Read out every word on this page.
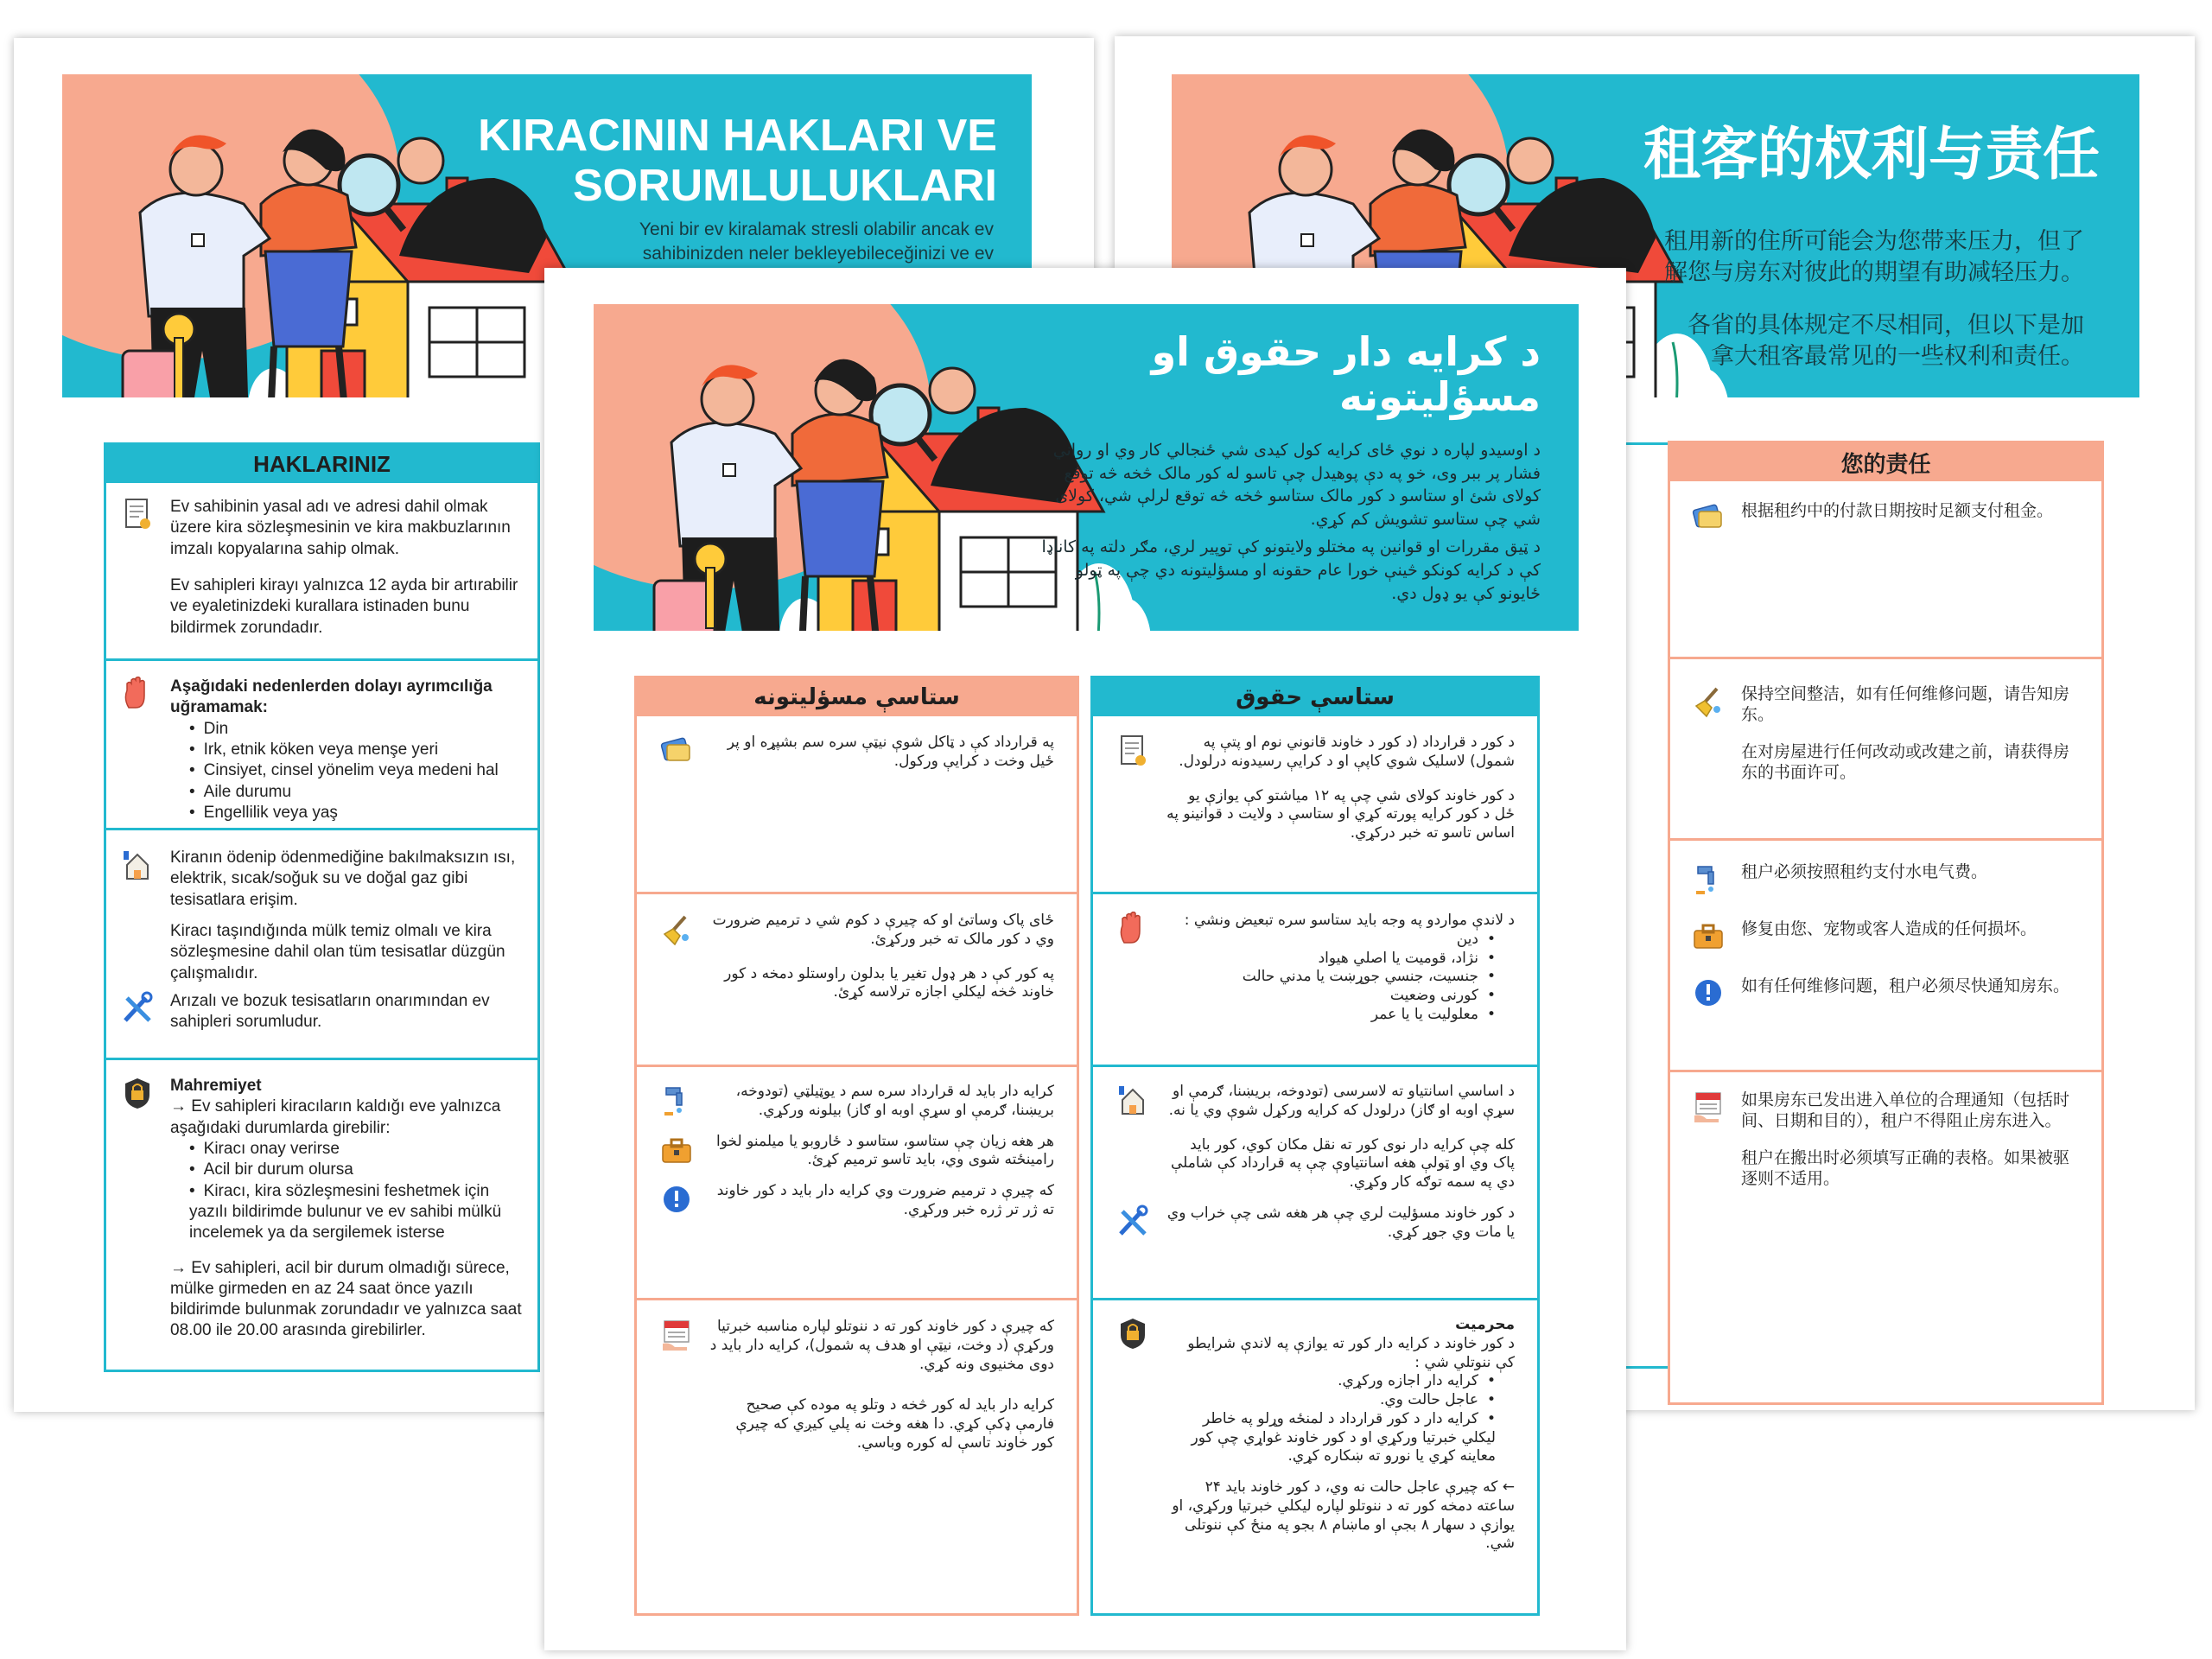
租客的权利与责任
租用新的住所可能会为您带来压力，但了
解您与房东对彼此的期望有助减轻压力。
各省的具体规定不尽相同，但以下是加
拿大租客最常见的一些权利和责任。
您的责任

根据租约中的付款日期按时足额支付租金。

保持空间整洁，如有任何维修问题，请告知房东。

在对房屋进行任何改动或改建之前，请获得房东的书面许可。

租户必须按照租约支付水电气费。

修复由您、宠物或客人造成的任何损坏。

如有任何维修问题，租户必须尽快通知房东。

如果房东已发出进入单位的合理通知（包括时间、日期和目的），租户不得阻止房东进入。

租户在搬出时必须填写正确的表格。如果被驱逐则不适用。

KIRACININ HAKLARI VE
SORUMLULUKLARI
Yeni bir ev kiralamak stresli olabilir ancak ev
sahibinizden neler bekleyebileceğinizi ve ev
HAKLARINIZ

Ev sahibinin yasal adı ve adresi dahil olmak üzere kira sözleşmesinin ve kira makbuzlarının imzalı kopyalarına sahip olmak.

Ev sahipleri kirayı yalnızca 12 ayda bir artırabilir ve eyaletinizdeki kurallara istinaden bunu bildirmek zorundadır.

Aşağıdaki nedenlerden dolayı ayrımcılığa uğramamak:

• Din
• Irk, etnik köken veya menşe yeri
• Cinsiyet, cinsel yönelim veya medeni hal
• Aile durumu
• Engellilik veya yaş

Kiranın ödenip ödenmediğine bakılmaksızın ısı, elektrik, sıcak/soğuk su ve doğal gaz gibi tesisatlara erişim.

Kiracı taşındığında mülk temiz olmalı ve kira sözleşmesine dahil olan tüm tesisatlar düzgün çalışmalıdır.

Arızalı ve bozuk tesisatların onarımından ev sahipleri sorumludur.

Mahremiyet

→ Ev sahipleri kiracıların kaldığı eve yalnızca aşağıdaki durumlarda girebilir:

• Kiracı onay verirse
• Acil bir durum olursa
• Kiracı, kira sözleşmesini feshetmek için yazılı bildirimde bulunur ve ev sahibi mülkü incelemek ya da sergilemek isterse

→ Ev sahipleri, acil bir durum olmadığı sürece, mülke girmeden en az 24 saat önce yazılı bildirimde bulunmak zorundadır ve yalnızca saat 08.00 ile 20.00 arasında girebilirler.

د کرايه دار حقوق او
مسؤليتونه

د اوسيدو لپاره د نوي ځاى کرايه کول کيدى شي ځنجالي کار وي او رواني فشار پر ببر وى، خو په دې پوهيدل چې تاسو له کور مالک څخه څه توقع کولای شئ او ستاسو د کور مالک ستاسو څخه څه توقع لرلې شي، کولای شي چې ستاسو تشويش کم کړي.

د ټيق مقررات او قوانين په مختلو ولايتونو کې توپير لري، مګر دلته په کاناډا کې د کرايه کونکو څينې خورا عام حقونه او مسؤليتونه دي چې په ټولو ځايونو کې يو ډول دي.

ستاسې حقوق

د کور د قرارداد (د کور د خاوند قانوني نوم او پتې په شمول) لاسليک شوي کاپې او د کرايې رسيدونه درلودل.

د کور خاوند کولای شي چې په ۱۲ مياشتو کې يوازې يو ځل د کور کرايه پورته کړي او ستاسې د ولايت د قوانينو په اساس تاسو ته خبر درکړي.

د لاندې موارد‌و په وجه بايد ستاسو سره تبعيض ونشي :

• دين
• نژاد، قوميت يا اصلي هيواد
• جنسيت، جنسي جوړښت يا مدني حالت
• کورنى وضعيت
• معلوليت يا يا عمر

د اساسي اسانتياو ته لاسرسى (تودوخه، بريښنا، ګرمې او سړې اوبه او ګاز) درلودل که کرايه ورکړل شوې وي يا نه.

کله چې کرايه دار نوى کور ته نقل مکان کوي، کور بايد پاک وي او ټولې هغه اسانتياوې چې په قرارداد کې شاملې دي په سمه توګه کار وکړي.

د کور خاوند مسؤليت لري چې هر هغه شى چې خراب وي يا مات وي جوړ کړي.

محرميت

د کور خاوند د کرايه دار کور ته يوازې په لاندې شرايطو کې ننوتلي شي :

• کرايه دار اجازه ورکړي.
• عاجل حالت وي.
• کرايه دار د کور قرارداد د لمنځه وړلو په خاطر ليکلي خبرتيا ورکړي او د کور خاوند غواړي چې کور معاينه کړي يا نورو ته ښکاره کړي.

← که چيرې عاجل حالت نه وي، د کور خاوند بايد ۲۴ ساعته دمخه کور ته د ننوتلو لپاره ليکلي خبرتيا ورکړي، او يوازې د سهار ۸ بجې او ماښام ۸ بجو په منځ کې ننوتلى شي.

ستاسې مسؤليتونه

په قرارداد کې د ټاکل شوې نيټې سره سم بشپړه او پر ځيل وخت د کرايې ورکول.

ځاى پاک وساتئ او که چيرې د کوم شي د ترميم ضرورت وي د کور مالک ته خبر ورکړئ.

په کور کې د هر ډول تغير يا بدلون راوستلو دمخه د کور خاوند څخه ليکلي اجازه ترلاسه کړئ.

کرايه دار بايد له قرارداد سره سم د يوټيلټي (تودوخه، بريښنا، ګرمې او سړې اوبه او ګاز) بيلونه ورکړي.

هر هغه زيان چې ستاسو، ستاسو د ځاروبو يا ميلمنو لخوا رامينځته شوى وي، بايد تاسو ترميم کړئ.

که چيرې د ترميم ضرورت وي کرايه دار بايد د کور خاوند ته ژر تر ژره خبر ورکړي.

که چيرې د کور خاوند کور ته د ننوتلو لپاره مناسبه خبرتيا ورکړې (د وخت، نيټې او هدف په شمول)، کرايه دار بايد د دوى مخنيوى ونه کړي.

کرايه دار بايد له کور څخه د وتلو په موده کې صحيح فارمې ډکې کړي. دا هغه وخت نه پلي کيږي که چيرې کور خاوند تاسې له کوره وباسي.
